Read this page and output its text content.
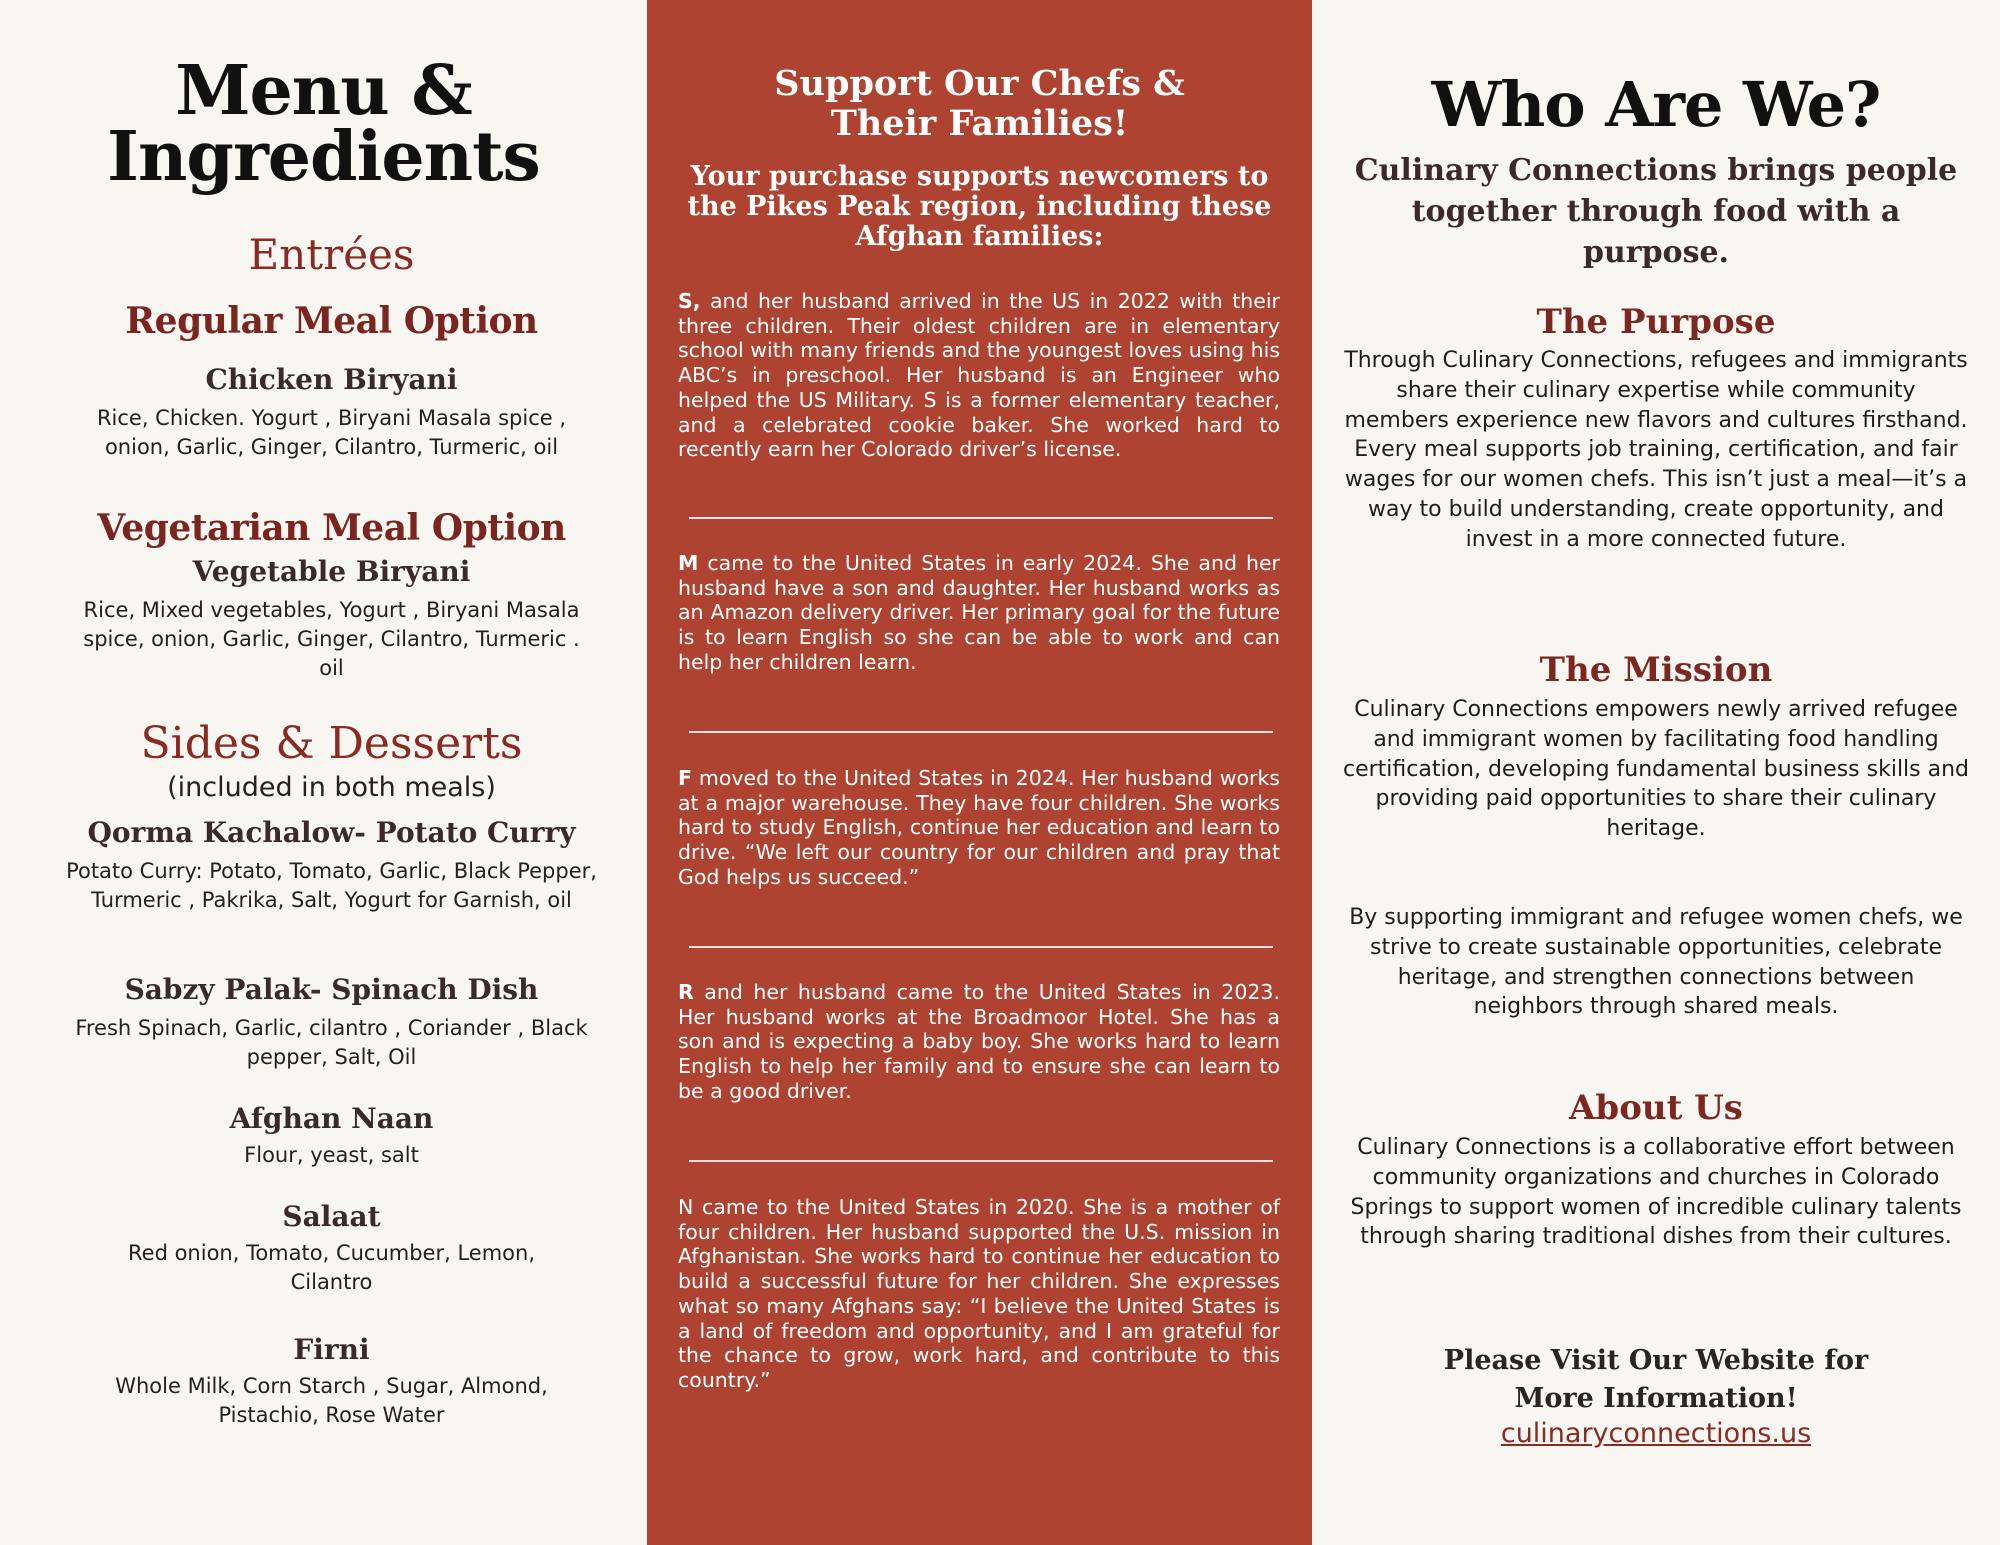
Menu &
Ingredients
Entrées
Regular Meal Option
Chicken Biryani
Rice, Chicken. Yogurt , Biryani Masala spice , onion, Garlic, Ginger, Cilantro, Turmeric, oil
Vegetarian Meal Option
Vegetable Biryani
Rice, Mixed vegetables, Yogurt , Biryani Masala spice, onion, Garlic, Ginger, Cilantro, Turmeric . oil
Sides & Desserts
(included in both meals)
Qorma Kachalow- Potato Curry
Potato Curry: Potato, Tomato, Garlic, Black Pepper, Turmeric , Pakrika, Salt, Yogurt for Garnish, oil
Sabzy Palak- Spinach Dish
Fresh Spinach, Garlic, cilantro , Coriander , Black pepper, Salt, Oil
Afghan Naan
Flour, yeast, salt
Salaat
Red onion, Tomato, Cucumber, Lemon, Cilantro
Firni
Whole Milk, Corn Starch , Sugar, Almond, Pistachio, Rose Water
Support Our Chefs &
Their Families!
Your purchase supports newcomers to the Pikes Peak region, including these Afghan families:

S, and her husband arrived in the US in 2022 with their three children. Their oldest children are in elementary school with many friends and the youngest loves using his ABC’s in preschool. Her husband is an Engineer who helped the US Military. S is a former elementary teacher, and a celebrated cookie baker. She worked hard to recently earn her Colorado driver’s license.

M came to the United States in early 2024. She and her husband have a son and daughter. Her husband works as an Amazon delivery driver. Her primary goal for the future is to learn English so she can be able to work and can help her children learn.

F moved to the United States in 2024. Her husband works at a major warehouse. They have four children. She works hard to study English, continue her education and learn to drive. “We left our country for our children and pray that God helps us succeed.”

R and her husband came to the United States in 2023. Her husband works at the Broadmoor Hotel. She has a son and is expecting a baby boy. She works hard to learn English to help her family and to ensure she can learn to be a good driver.

N came to the United States in 2020. She is a mother of four children. Her husband supported the U.S. mission in Afghanistan. She works hard to continue her education to build a successful future for her children. She expresses what so many Afghans say: “I believe the United States is a land of freedom and opportunity, and I am grateful for the chance to grow, work hard, and contribute to this country.”

Who Are We?
Culinary Connections brings people together through food with a purpose.
The Purpose

Through Culinary Connections, refugees and immigrants share their culinary expertise while community members experience new flavors and cultures firsthand. Every meal supports job training, certification, and fair wages for our women chefs. This isn’t just a meal—it’s a way to build understanding, create opportunity, and invest in a more connected future.

The Mission

Culinary Connections empowers newly arrived refugee and immigrant women by facilitating food handling certification, developing fundamental business skills and providing paid opportunities to share their culinary heritage.

By supporting immigrant and refugee women chefs, we strive to create sustainable opportunities, celebrate heritage, and strengthen connections between neighbors through shared meals.

About Us

Culinary Connections is a collaborative effort between community organizations and churches in Colorado Springs to support women of incredible culinary talents through sharing traditional dishes from their cultures.

Please Visit Our Website for
More Information!
culinaryconnections.us
